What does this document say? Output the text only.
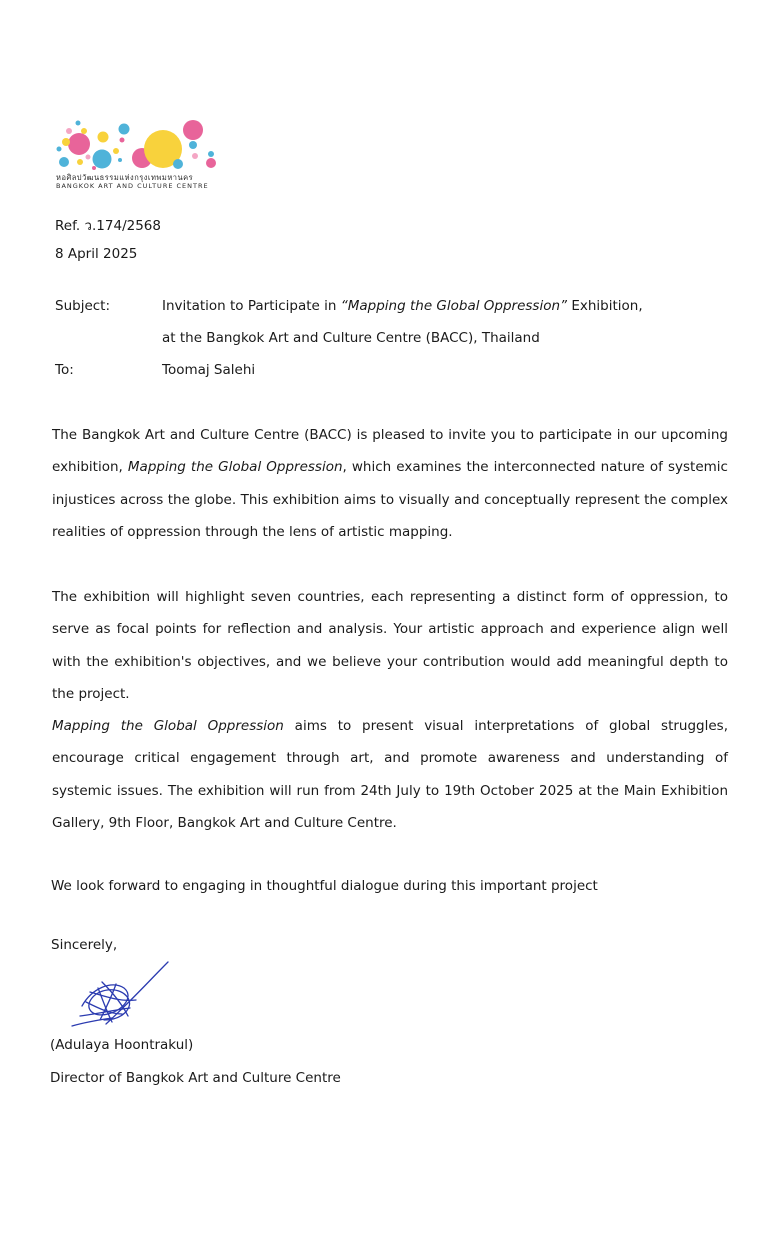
หอศิลปวัฒนธรรมแห่งกรุงเทพมหานคร
BANGKOK ART AND CULTURE CENTRE
Ref. ว.174/2568
8 April 2025
Subject:	Invitation to Participate in “Mapping the Global Oppression” Exhibition,
at the Bangkok Art and Culture Centre (BACC), Thailand
To:	Toomaj Salehi
The Bangkok Art and Culture Centre (BACC) is pleased to invite you to participate in our upcoming exhibition, Mapping the Global Oppression, which examines the interconnected nature of systemic injustices across the globe. This exhibition aims to visually and conceptually represent the complex realities of oppression through the lens of artistic mapping.
The exhibition will highlight seven countries, each representing a distinct form of oppression, to serve as focal points for reflection and analysis. Your artistic approach and experience align well with the exhibition's objectives, and we believe your contribution would add meaningful depth to the project.
Mapping the Global Oppression aims to present visual interpretations of global struggles, encourage critical engagement through art, and promote awareness and understanding of systemic issues. The exhibition will run from 24th July to 19th October 2025 at the Main Exhibition Gallery, 9th Floor, Bangkok Art and Culture Centre.
We look forward to engaging in thoughtful dialogue during this important project
Sincerely,
(Adulaya Hoontrakul)
Director of Bangkok Art and Culture Centre
